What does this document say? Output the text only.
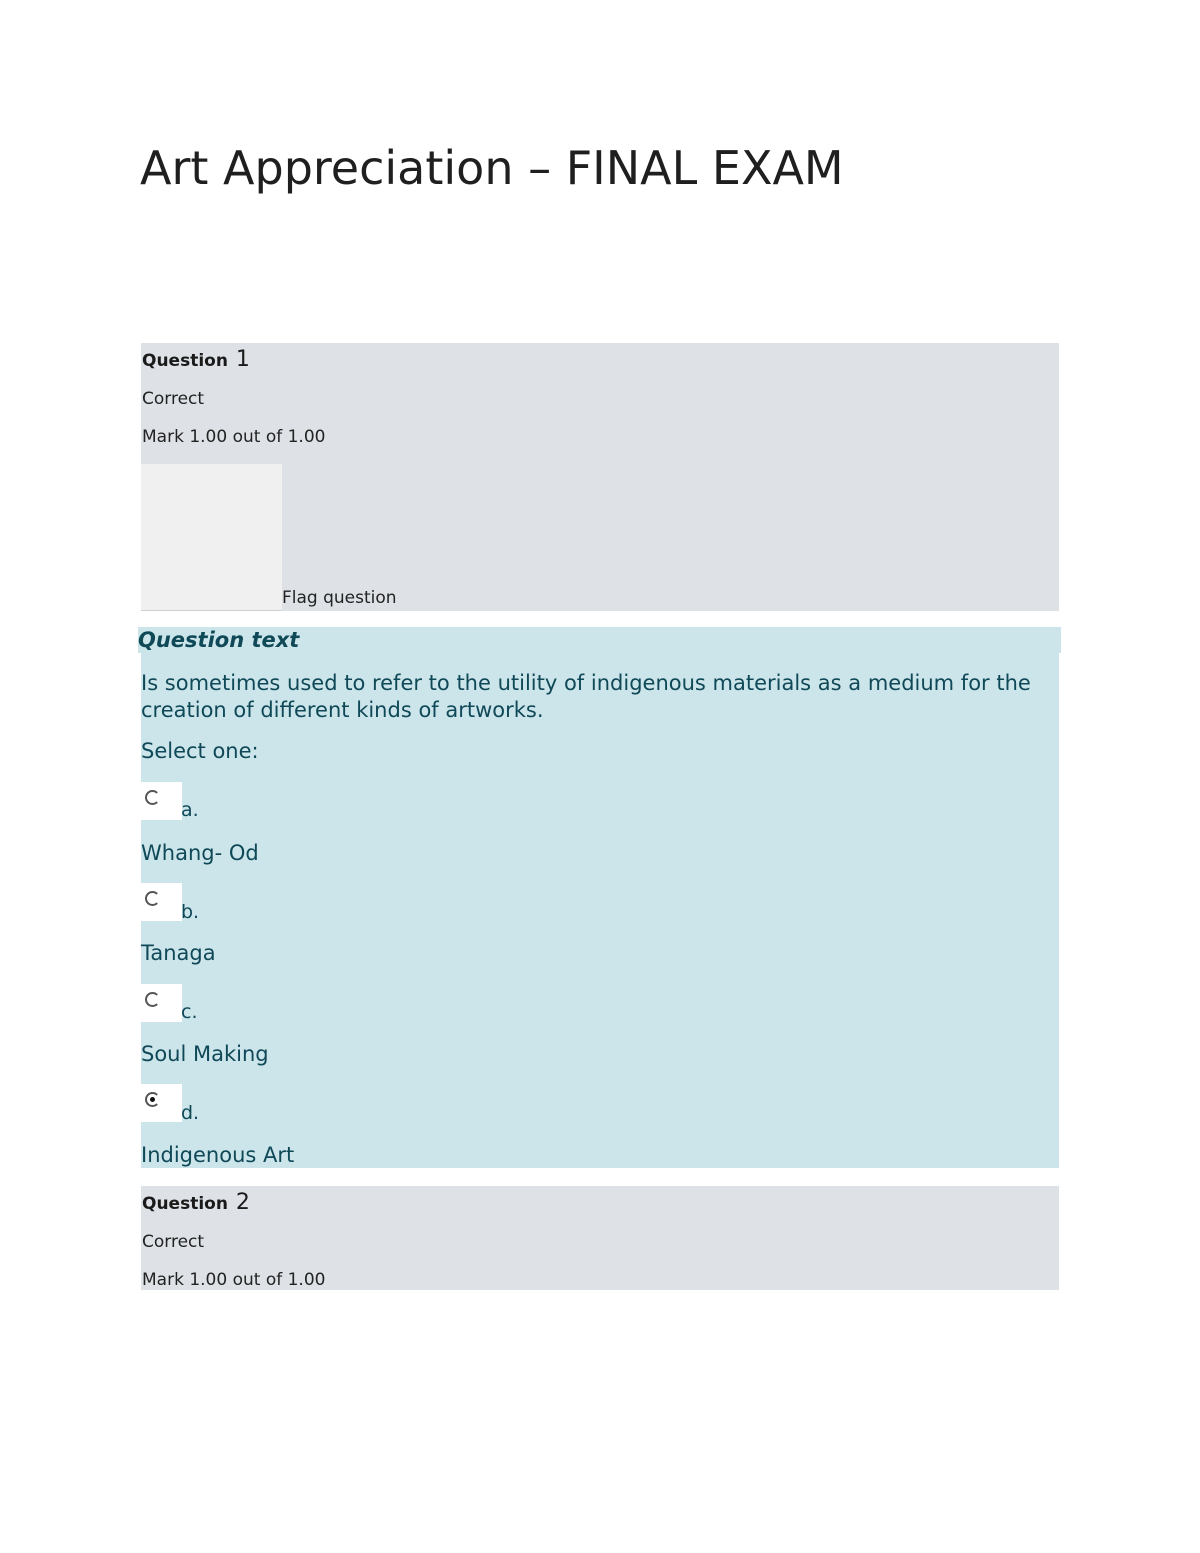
Art Appreciation – FINAL EXAM
Question 1
Correct
Mark 1.00 out of 1.00
Flag question
Question text
Is sometimes used to refer to the utility of indigenous materials as a medium for the creation of different kinds of artworks.
Select one:
a.
Whang- Od
b.
Tanaga
c.
Soul Making
d.
Indigenous Art
Question 2
Correct
Mark 1.00 out of 1.00
